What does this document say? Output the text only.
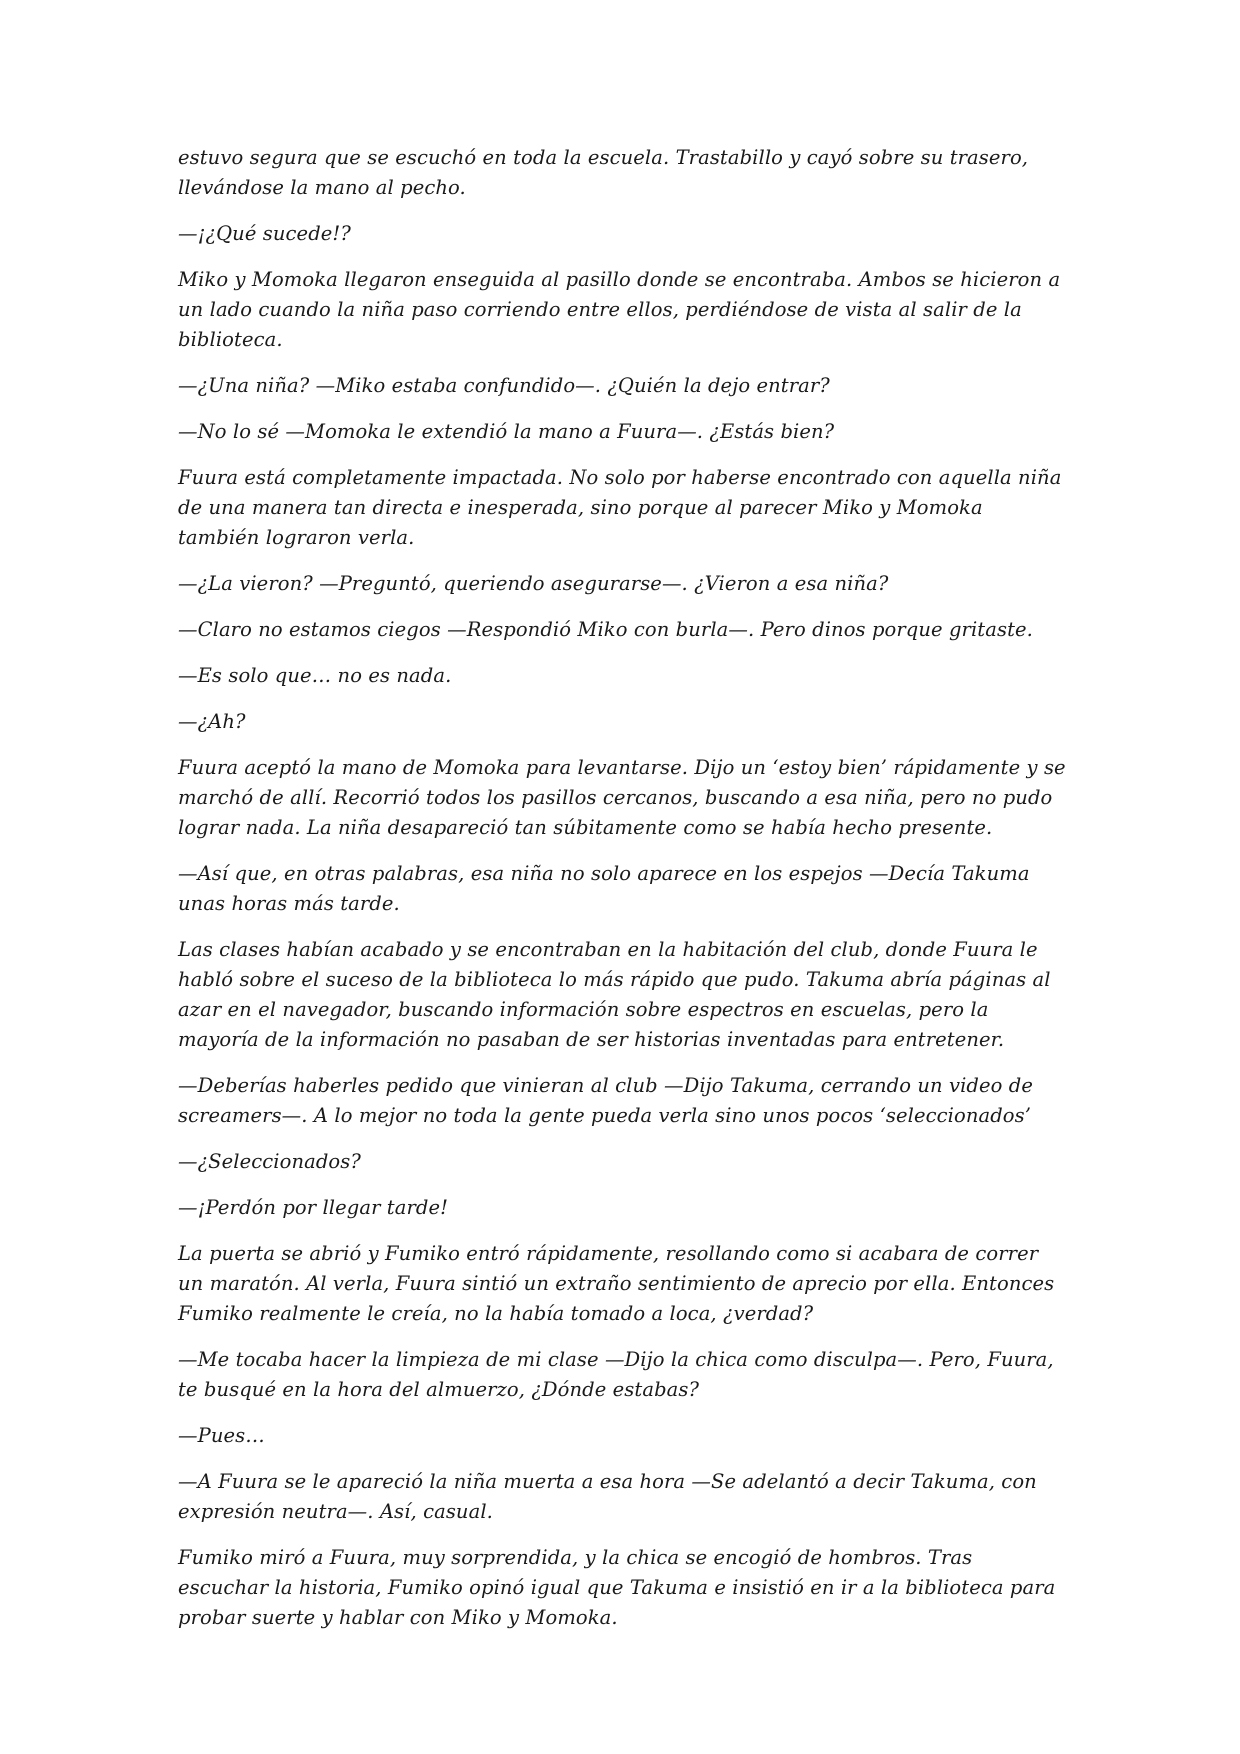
estuvo segura que se escuchó en toda la escuela. Trastabillo y cayó sobre su trasero, llevándose la mano al pecho.

—¡¿Qué sucede!?

Miko y Momoka llegaron enseguida al pasillo donde se encontraba. Ambos se hicieron a un lado cuando la niña paso corriendo entre ellos, perdiéndose de vista al salir de la biblioteca.

—¿Una niña? —Miko estaba confundido—. ¿Quién la dejo entrar?

—No lo sé —Momoka le extendió la mano a Fuura—. ¿Estás bien?

Fuura está completamente impactada. No solo por haberse encontrado con aquella niña de una manera tan directa e inesperada, sino porque al parecer Miko y Momoka también lograron verla.

—¿La vieron? —Preguntó, queriendo asegurarse—. ¿Vieron a esa niña?

—Claro no estamos ciegos —Respondió Miko con burla—. Pero dinos porque gritaste.

—Es solo que… no es nada.

—¿Ah?

Fuura aceptó la mano de Momoka para levantarse. Dijo un ‘estoy bien’ rápidamente y se marchó de allí. Recorrió todos los pasillos cercanos, buscando a esa niña, pero no pudo lograr nada. La niña desapareció tan súbitamente como se había hecho presente.

—Así que, en otras palabras, esa niña no solo aparece en los espejos —Decía Takuma unas horas más tarde.

Las clases habían acabado y se encontraban en la habitación del club, donde Fuura le habló sobre el suceso de la biblioteca lo más rápido que pudo. Takuma abría páginas al azar en el navegador, buscando información sobre espectros en escuelas, pero la mayoría de la información no pasaban de ser historias inventadas para entretener.

—Deberías haberles pedido que vinieran al club —Dijo Takuma, cerrando un video de screamers—. A lo mejor no toda la gente pueda verla sino unos pocos ‘seleccionados’

—¿Seleccionados?

—¡Perdón por llegar tarde!

La puerta se abrió y Fumiko entró rápidamente, resollando como si acabara de correr un maratón. Al verla, Fuura sintió un extraño sentimiento de aprecio por ella. Entonces Fumiko realmente le creía, no la había tomado a loca, ¿verdad?

—Me tocaba hacer la limpieza de mi clase —Dijo la chica como disculpa—. Pero, Fuura, te busqué en la hora del almuerzo, ¿Dónde estabas?

—Pues…

—A Fuura se le apareció la niña muerta a esa hora —Se adelantó a decir Takuma, con expresión neutra—. Así, casual.

Fumiko miró a Fuura, muy sorprendida, y la chica se encogió de hombros. Tras escuchar la historia, Fumiko opinó igual que Takuma e insistió en ir a la biblioteca para probar suerte y hablar con Miko y Momoka.
